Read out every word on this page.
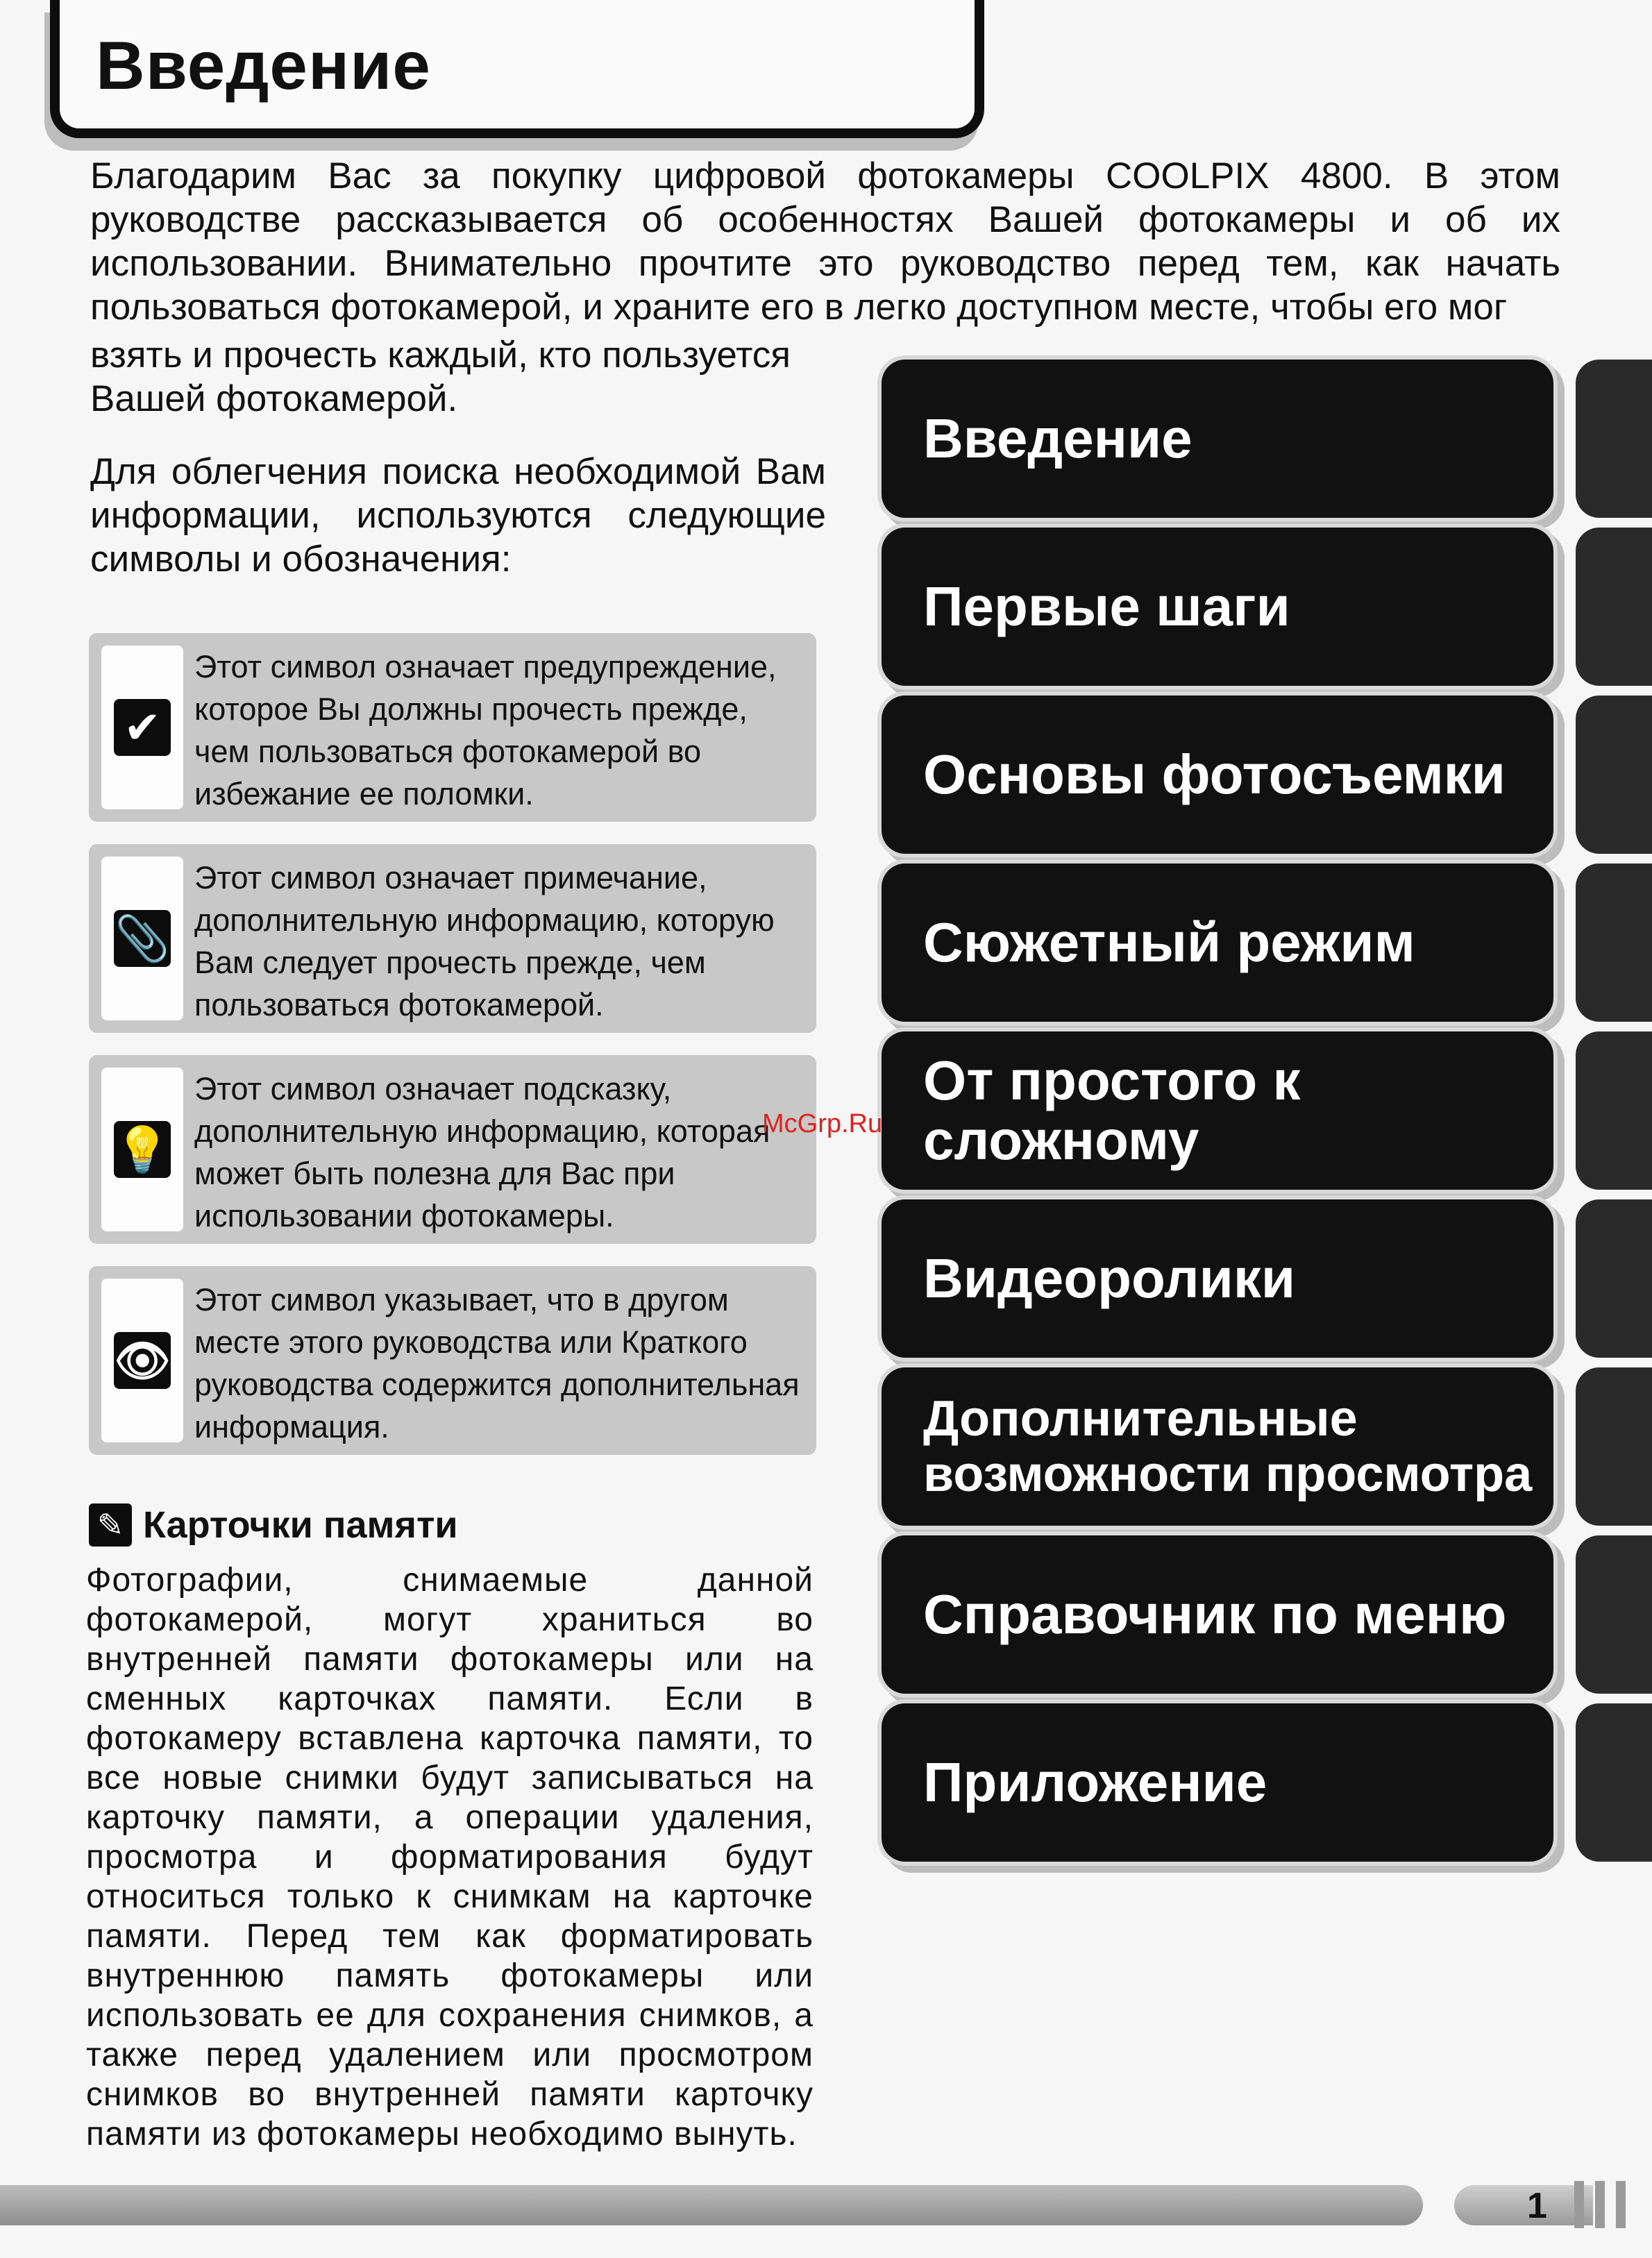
Введение

Благодарим Вас за покупку цифровой фотокамеры COOLPIX 4800. В этом руководстве рассказывается об особенностях Вашей фотокамеры и об их использовании. Внимательно прочтите это руководство перед тем, как начать пользоваться фотокамерой, и храните его в легко доступном месте, чтобы его мог

взять и прочесть каждый, кто пользуется Вашей фотокамерой.

Для облегчения поиска необходимой Вам информации, используются следующие символы и обозначения:

✔
Этот символ означает предупреждение, которое Вы должны прочесть прежде, чем пользоваться фотокамерой во избежание ее поломки.
📎
Этот символ означает примечание, дополнительную информацию, которую Вам следует прочесть прежде, чем пользоваться фотокамерой.
💡
Этот символ означает подсказку, дополнительную информацию, которая может быть полезна для Вас при использовании фотокамеры.
👁
Этот символ указывает, что в другом месте этого руководства или Краткого руководства содержится дополнительная информация.
✎ Карточки памяти

Фотографии, снимаемые данной фотокамерой, могут храниться во внутренней памяти фотокамеры или на сменных карточках памяти. Если в фотокамеру вставлена карточка памяти, то все новые снимки будут записываться на карточку памяти, а операции удаления, просмотра и форматирования будут относиться только к снимкам на карточке памяти. Перед тем как форматировать внутреннюю память фотокамеры или использовать ее для сохранения снимков, а также перед удалением или просмотром снимков во внутренней памяти карточку памяти из фотокамеры необходимо вынуть.

Введение
Первые шаги
Основы фотосъемки
Сюжетный режим
От простого к сложному
Видеоролики
Дополнительные возможности просмотра
Справочник по меню
Приложение
McGrp.Ru
1
